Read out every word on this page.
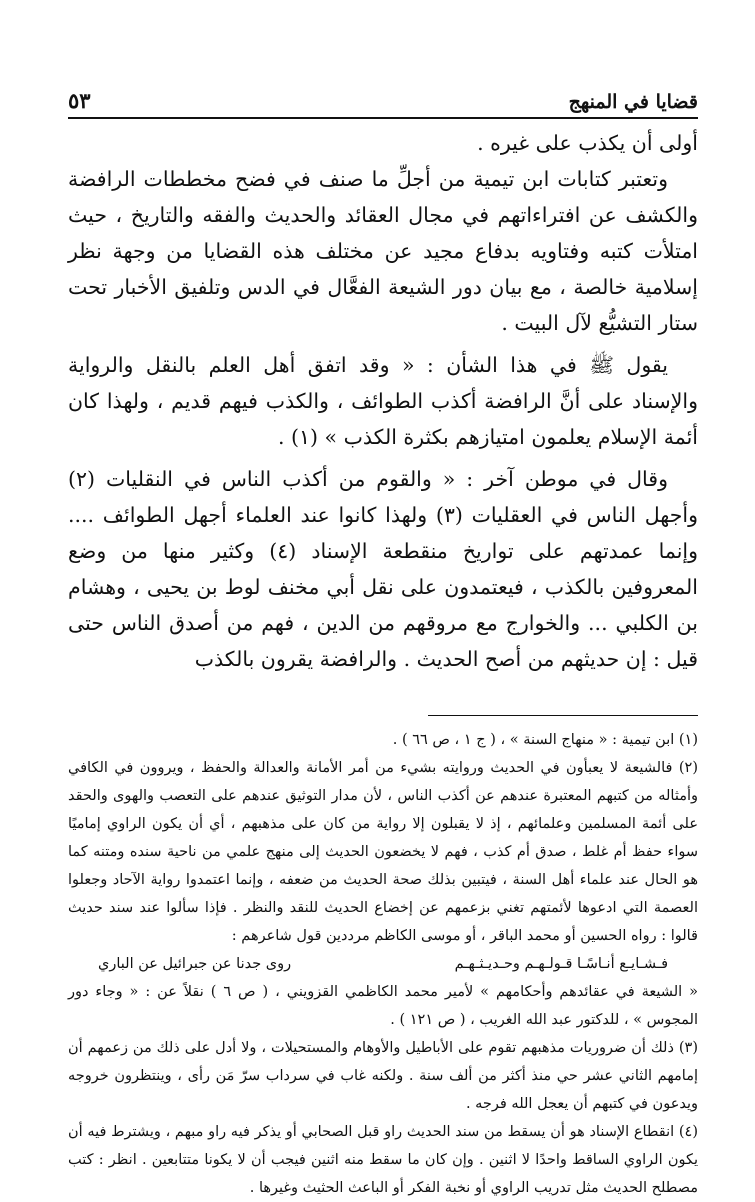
قضايا في المنهج
٥٣

أولى أن يكذب على غيره .

وتعتبر كتابات ابن تيمية من أجلِّ ما صنف في فضح مخططات الرافضة والكشف عن افتراءاتهم في مجال العقائد والحديث والفقه والتاريخ ، حيث امتلأت كتبه وفتاويه بدفاع مجيد عن مختلف هذه القضايا من وجهة نظر إسلامية خالصة ، مع بيان دور الشيعة الفعَّال في الدس وتلفيق الأخبار تحت ستار التشيُّع لآل البيت .

يقول ﷺ في هذا الشأن : « وقد اتفق أهل العلم بالنقل والرواية والإسناد على أنَّ الرافضة أكذب الطوائف ، والكذب فيهم قديم ، ولهذا كان أئمة الإسلام يعلمون امتيازهم بكثرة الكذب » (١) .

وقال في موطن آخر : « والقوم من أكذب الناس في النقليات (٢) وأجهل الناس في العقليات (٣) ولهذا كانوا عند العلماء أجهل الطوائف .... وإنما عمدتهم على تواريخ منقطعة الإسناد (٤) وكثير منها من وضع المعروفين بالكذب ، فيعتمدون على نقل أبي مخنف لوط بن يحيى ، وهشام بن الكلبي ... والخوارج مع مروقهم من الدين ، فهم من أصدق الناس حتى قيل : إن حديثهم من أصح الحديث . والرافضة يقرون بالكذب

(١) ابن تيمية : « منهاج السنة » ، ( ج ١ ، ص ٦٦ ) .

(٢) فالشيعة لا يعبأون في الحديث وروايته بشيء من أمر الأمانة والعدالة والحفظ ، ويروون في الكافي وأمثاله من كتبهم المعتبرة عندهم عن أكذب الناس ، لأن مدار التوثيق عندهم على التعصب والهوى والحقد على أئمة المسلمين وعلمائهم ، إذ لا يقبلون إلا رواية من كان على مذهبهم ، أي أن يكون الراوي إماميًا سواء حفظ أم غلط ، صدق أم كذب ، فهم لا يخضعون الحديث إلى منهج علمي من ناحية سنده ومتنه كما هو الحال عند علماء أهل السنة ، فيتبين بذلك صحة الحديث من ضعفه ، وإنما اعتمدوا رواية الآحاد وجعلوا العصمة التي ادعوها لأئمتهم تغني بزعمهم عن إخضاع الحديث للنقد والنظر . فإذا سألوا عند سند حديث قالوا : رواه الحسين أو محمد الباقر ، أو موسى الكاظم مرددين قول شاعرهم :

فـشـايـع أنـاسًـا قـولـهـم وحـديـثـهـم
روى جدنا عن جبرائيل عن الباري

« الشيعة في عقائدهم وأحكامهم » لأمير محمد الكاظمي القزويني ، ( ص ٦ ) نقلاً عن : « وجاء دور المجوس » ، للدكتور عبد الله الغريب ، ( ص ١٢١ ) .

(٣) ذلك أن ضروريات مذهبهم تقوم على الأباطيل والأوهام والمستحيلات ، ولا أدل على ذلك من زعمهم أن إمامهم الثاني عشر حي منذ أكثر من ألف سنة . ولكنه غاب في سرداب سرّ مَن رأى ، وينتظرون خروجه ويدعون في كتبهم أن يعجل الله فرجه .

(٤) انقطاع الإسناد هو أن يسقط من سند الحديث راو قبل الصحابي أو يذكر فيه راو مبهم ، ويشترط فيه أن يكون الراوي الساقط واحدًا لا اثنين . وإن كان ما سقط منه اثنين فيجب أن لا يكونا متتابعين . انظر : كتب مصطلح الحديث مثل تدريب الراوي أو نخبة الفكر أو الباعث الحثيث وغيرها .
